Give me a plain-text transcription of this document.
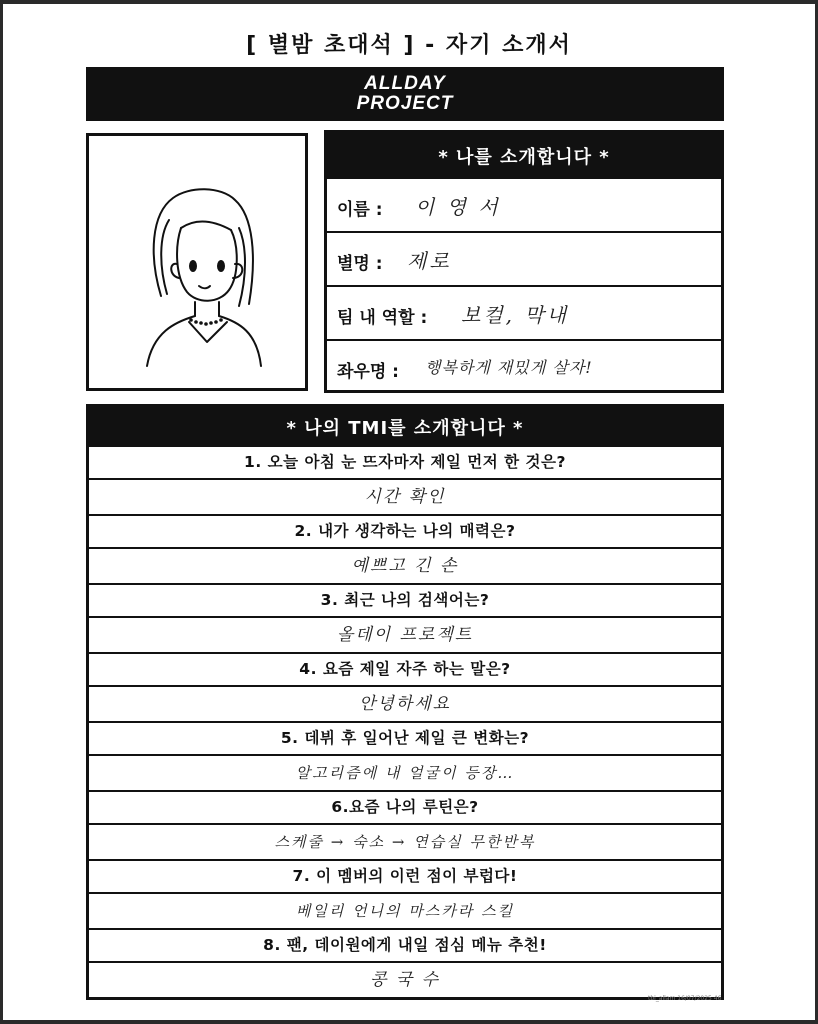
[ 별밤 초대석 ] - 자기 소개서
ALLDAY
PROJECT
* 나를 소개합니다 *
이름 : 이 영 서
별명 : 제로
팀 내 역할 : 보컬, 막내
좌우명 : 행복하게 재밌게 살자!
* 나의 TMI를 소개합니다 *
1. 오늘 아침 눈 뜨자마자 제일 먼저 한 것은?
시간 확인
2. 내가 생각하는 나의 매력은?
예쁘고 긴 손
3. 최근 나의 검색어는?
올데이 프로젝트
4. 요즘 제일 자주 하는 말은?
안녕하세요
5. 데뷔 후 일어난 제일 큰 변화는?
알고리즘에 내 얼굴이 등장…
6.요즘 나의 루틴은?
스케줄 → 숙소 → 연습실 무한반복
7. 이 멤버의 이런 점이 부럽다!
베일리 언니의 마스카라 스킬
8. 팬, 데이원에게 내일 점심 메뉴 추천!
콩 국 수
tbi_allam 16/07/2025 46
